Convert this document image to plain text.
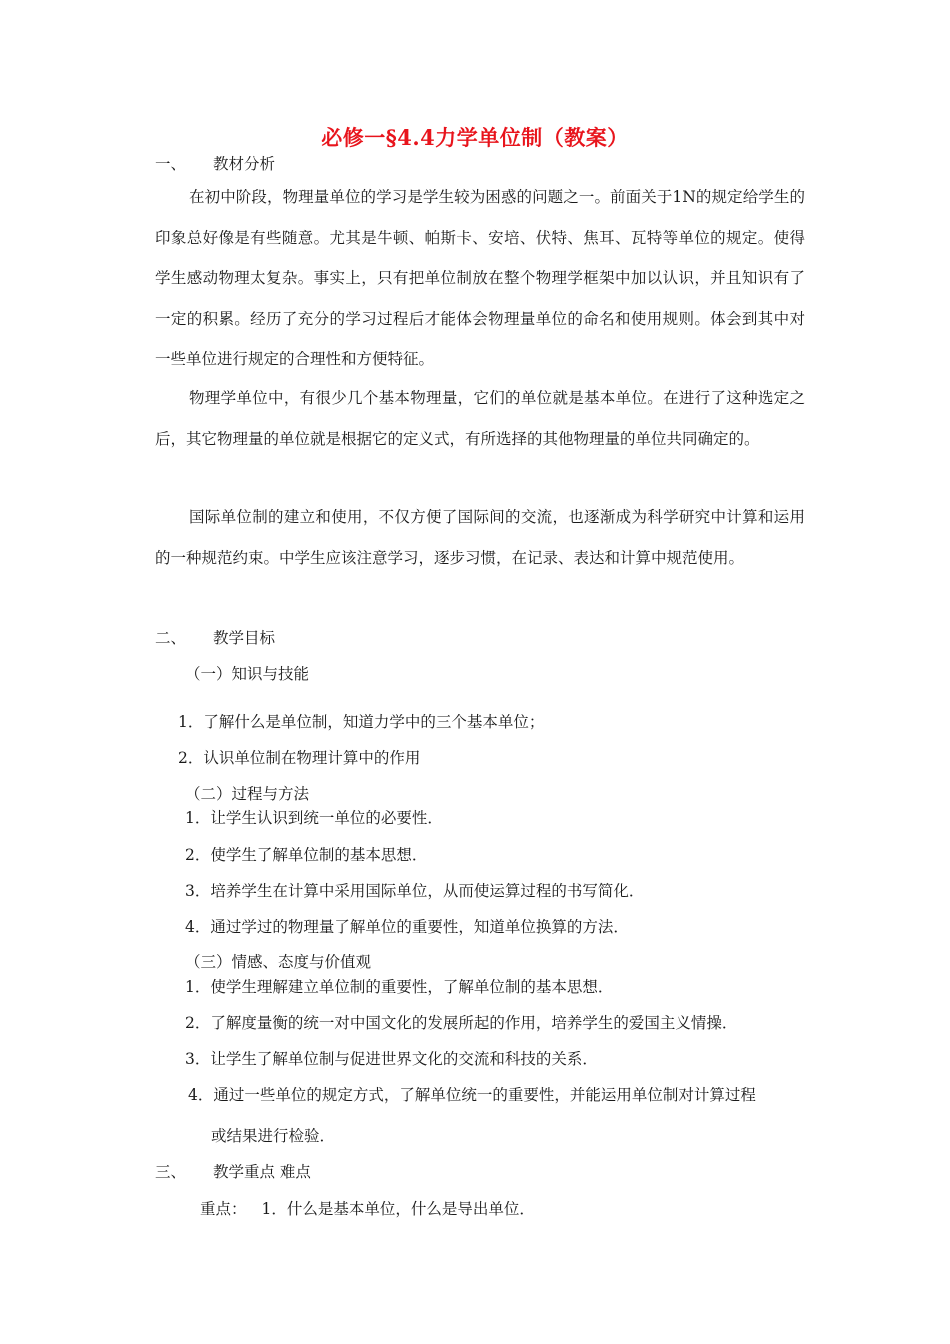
必修一§4.4力学单位制（教案）
一、 教材分析

在初中阶段，物理量单位的学习是学生较为困惑的问题之一。前面关于1N的规定给学生的印象总好像是有些随意。尤其是牛顿、帕斯卡、安培、伏特、焦耳、瓦特等单位的规定。使得学生感动物理太复杂。事实上，只有把单位制放在整个物理学框架中加以认识，并且知识有了一定的积累。经历了充分的学习过程后才能体会物理量单位的命名和使用规则。体会到其中对一些单位进行规定的合理性和方便特征。

物理学单位中，有很少几个基本物理量，它们的单位就是基本单位。在进行了这种选定之后，其它物理量的单位就是根据它的定义式，有所选择的其他物理量的单位共同确定的。

国际单位制的建立和使用，不仅方便了国际间的交流，也逐渐成为科学研究中计算和运用的一种规范约束。中学生应该注意学习，逐步习惯，在记录、表达和计算中规范使用。

二、 教学目标
（一）知识与技能
1．了解什么是单位制，知道力学中的三个基本单位；
2．认识单位制在物理计算中的作用
（二）过程与方法
1．让学生认识到统一单位的必要性．
2．使学生了解单位制的基本思想．
3．培养学生在计算中采用国际单位，从而使运算过程的书写简化．
4．通过学过的物理量了解单位的重要性，知道单位换算的方法．
（三）情感、态度与价值观
1．使学生理解建立单位制的重要性，了解单位制的基本思想．
2．了解度量衡的统一对中国文化的发展所起的作用，培养学生的爱国主义情操．
3．让学生了解单位制与促进世界文化的交流和科技的关系．
4．通过一些单位的规定方式，了解单位统一的重要性，并能运用单位制对计算过程
或结果进行检验．
三、 教学重点 难点
重点： 1．什么是基本单位，什么是导出单位．
